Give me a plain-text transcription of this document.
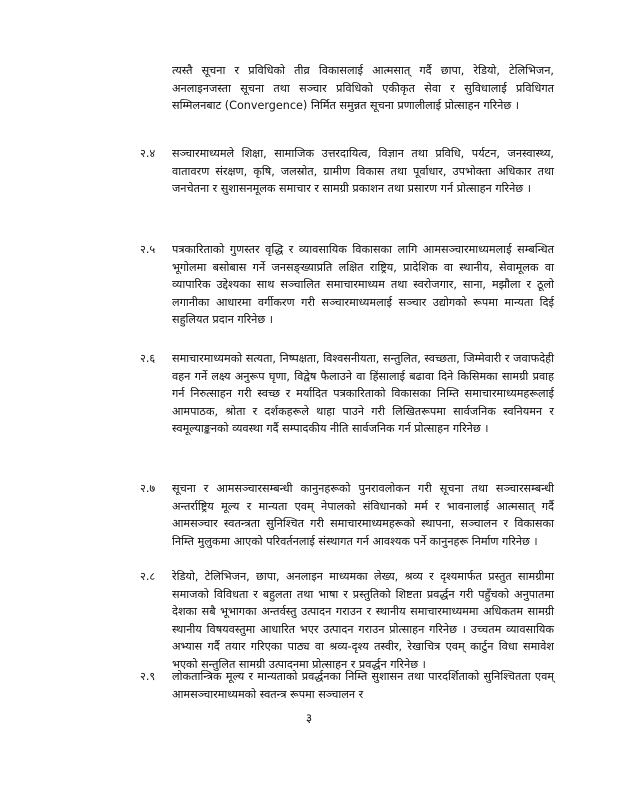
त्यस्तै सूचना र प्रविधिको तीव्र विकासलाई आत्मसात् गर्दै छापा, रेडियो, टेलिभिजन, अनलाइनजस्ता सूचना तथा सञ्चार प्रविधिको एकीकृत सेवा र सुविधालाई प्रविधिगत सम्मिलनबाट (Convergence) निर्मित समुन्नत सूचना प्रणालीलाई प्रोत्साहन गरिनेछ ।
२.४	सञ्चारमाध्यमले शिक्षा, सामाजिक उत्तरदायित्व, विज्ञान तथा प्रविधि, पर्यटन, जनस्वास्थ्य, वातावरण संरक्षण, कृषि, जलस्रोत, ग्रामीण विकास तथा पूर्वाधार, उपभोक्ता अधिकार तथा जनचेतना र सुशासनमूलक समाचार र सामग्री प्रकाशन तथा प्रसारण गर्न प्रोत्साहन गरिनेछ ।
२.५	पत्रकारिताको गुणस्तर वृद्धि र व्यावसायिक विकासका लागि आमसञ्चारमाध्यमलाई सम्बन्धित भूगोलमा बसोबास गर्ने जनसङ्ख्याप्रति लक्षित राष्ट्रिय, प्रादेशिक वा स्थानीय, सेवामूलक वा व्यापारिक उद्देश्यका साथ सञ्चालित समाचारमाध्यम तथा स्वरोजगार, साना, मझौला र ठूलो लगानीका आधारमा वर्गीकरण गरी सञ्चारमाध्यमलाई सञ्चार उद्योगको रूपमा मान्यता दिई सहुलियत प्रदान गरिनेछ ।
२.६	समाचारमाध्यमको सत्यता, निष्पक्षता, विश्वसनीयता, सन्तुलित, स्वच्छता, जिम्मेवारी र जवाफदेही वहन गर्ने लक्ष्य अनुरूप घृणा, विद्वेष फैलाउने वा हिंसालाई बढावा दिने किसिमका सामग्री प्रवाह गर्न निरुत्साहन गरी स्वच्छ र मर्यादित पत्रकारिताको विकासका निम्ति समाचारमाध्यमहरूलाई आमपाठक, श्रोता र दर्शकहरूले थाहा पाउने गरी लिखितरूपमा सार्वजनिक स्वनियमन र स्वमूल्याङ्कनको व्यवस्था गर्दै सम्पादकीय नीति सार्वजनिक गर्न प्रोत्साहन गरिनेछ ।
२.७	सूचना र आमसञ्चारसम्बन्धी कानुनहरूको पुनरावलोकन गरी सूचना तथा सञ्चारसम्बन्धी अन्तर्राष्ट्रिय मूल्य र मान्यता एवम् नेपालको संविधानको मर्म र भावनालाई आत्मसात् गर्दै आमसञ्चार स्वतन्त्रता सुनिश्चित गरी समाचारमाध्यमहरूको स्थापना, सञ्चालन र विकासका निम्ति मुलुकमा आएको परिवर्तनलाई संस्थागत गर्न आवश्यक पर्ने कानुनहरू निर्माण गरिनेछ ।
२.८	रेडियो, टेलिभिजन, छापा, अनलाइन माध्यमका लेख्य, श्रव्य र दृश्यमार्फत प्रस्तुत सामग्रीमा समाजको विविधता र बहुलता तथा भाषा र प्रस्तुतिको शिष्टता प्रवर्द्धन गरी पहुँचको अनुपातमा देशका सबै भूभागका अन्तर्वस्तु उत्पादन गराउन र स्थानीय समाचारमाध्यममा अधिकतम सामग्री स्थानीय विषयवस्तुमा आधारित भएर उत्पादन गराउन प्रोत्साहन गरिनेछ । उच्चतम व्यावसायिक अभ्यास गर्दै तयार गरिएका पाठ्य वा श्रव्य-दृश्य तस्वीर, रेखाचित्र एवम् कार्टुन विधा समावेश भएको सन्तुलित सामग्री उत्पादनमा प्रोत्साहन र प्रवर्द्धन गरिनेछ ।
२.९	लोकतान्त्रिक मूल्य र मान्यताको प्रवर्द्धनका निम्ति सुशासन तथा पारदर्शिताको सुनिश्चितता एवम् आमसञ्चारमाध्यमको स्वतन्त्र रूपमा सञ्चालन र
३
